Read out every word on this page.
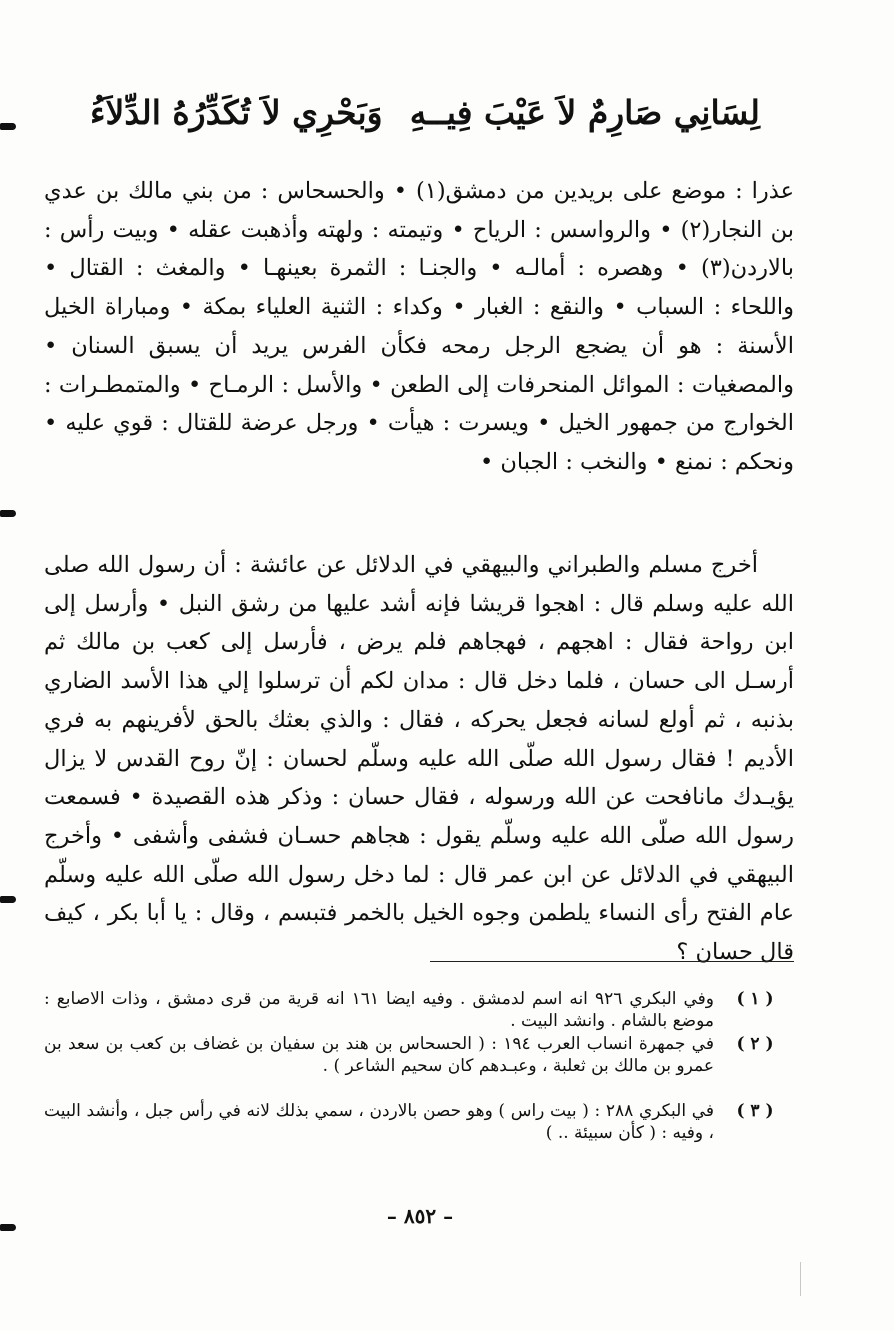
لِسَانِي صَارِمٌ لاَ عَيْبَ فِيــهِ
وَبَحْرِي لاَ تُكَدِّرُهُ الدِّلاَءُ

عذرا : موضع على بريدين من دمشق(١) • والحسحاس : من بني مالك بن عدي بن النجار(٢) • والرواسس : الرياح • وتيمته : ولهته وأذهبت عقله • وبيت رأس : بالاردن(٣) • وهصره : أمالـه • والجنـا : الثمرة بعينهـا • والمغث : القتال • واللحاء : السباب • والنقع : الغبار • وكداء : الثنية العلياء بمكة • ومباراة الخيل الأسنة : هو أن يضجع الرجل رمحه فكأن الفرس يريد أن يسبق السنان • والمصغيات : الموائل المنحرفات إلى الطعن • والأسل : الرمـاح • والمتمطـرات : الخوارج من جمهور الخيل • ويسرت : هيأت • ورجل عرضة للقتال : قوي عليه • ونحكم : نمنع • والنخب : الجبان •

أخرج مسلم والطبراني والبيهقي في الدلائل عن عائشة : أن رسول الله صلى الله عليه وسلم قال : اهجوا قريشا فإنه أشد عليها من رشق النبل • وأرسل إلى ابن رواحة فقال : اهجهم ، فهجاهم فلم يرض ، فأرسل إلى كعب بن مالك ثم أرسـل الى حسان ، فلما دخل قال : مدان لكم أن ترسلوا إلي هذا الأسد الضاري بذنبه ، ثم أولع لسانه فجعل يحركه ، فقال : والذي بعثك بالحق لأفرينهم به فري الأديم ! فقال رسول الله صلّى الله عليه وسلّم لحسان : إنّ روح القدس لا يزال يؤيـدك مانافحت عن الله ورسوله ، فقال حسان : وذكر هذه القصيدة • فسمعت رسول الله صلّى الله عليه وسلّم يقول : هجاهم حسـان فشفى وأشفى • وأخرج البيهقي في الدلائل عن ابن عمر قال : لما دخل رسول الله صلّى الله عليه وسلّم عام الفتح رأى النساء يلطمن وجوه الخيل بالخمر فتبسم ، وقال : يا أبا بكر ، كيف قال حسان ؟

( ١ )
وفي البكري ٩٢٦ انه اسم لدمشق . وفيه ايضا ١٦١ انه قرية من قرى دمشق ، وذات الاصابع : موضع بالشام . وانشد البيت .
( ٢ )
في جمهرة انساب العرب ١٩٤ : ( الحسحاس بن هند بن سفيان بن غضاف بن كعب بن سعد بن عمرو بن مالك بن ثعلبة ، وعبـدهم كان سحيم الشاعر ) .
( ٣ )
في البكري ٢٨٨ : ( بيت راس ) وهو حصن بالاردن ، سمي بذلك لانه في رأس جبل ، وأنشد البيت ، وفيه : ( كأن سبيئة .. )
– ٨٥٢ –
